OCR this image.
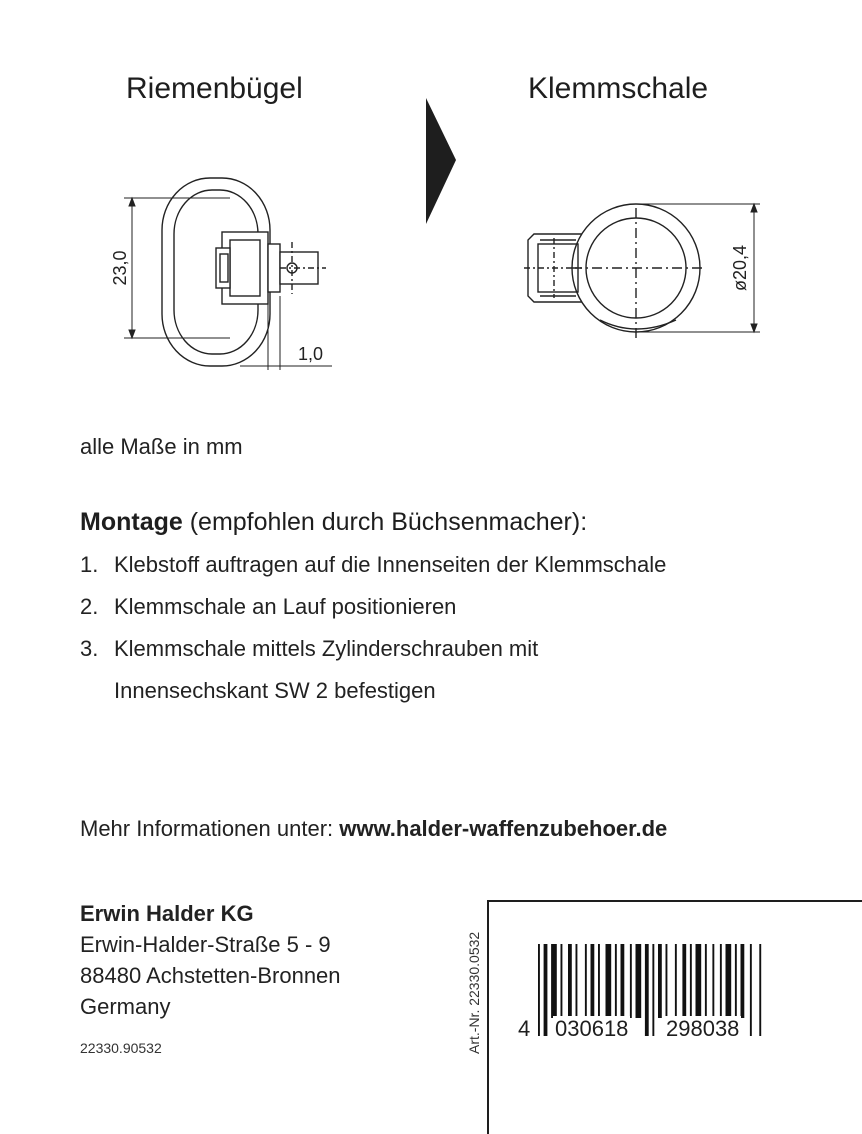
Riemenbügel	Klemmschale
23,0
1,0
ø20,4
alle Maße in mm
Montage (empfohlen durch Büchsenmacher):
1. Klebstoff auftragen auf die Innenseiten der Klemmschale
2. Klemmschale an Lauf positionieren
3. Klemmschale mittels Zylinderschrauben mit
Innensechskant SW 2 befestigen
Mehr Informationen unter: www.halder-waffenzubehoer.de
Erwin Halder KG
Erwin-Halder-Straße 5 - 9
88480 Achstetten-Bronnen
Germany
22330.90532	Art.-Nr. 22330.0532 4 030618 298038
